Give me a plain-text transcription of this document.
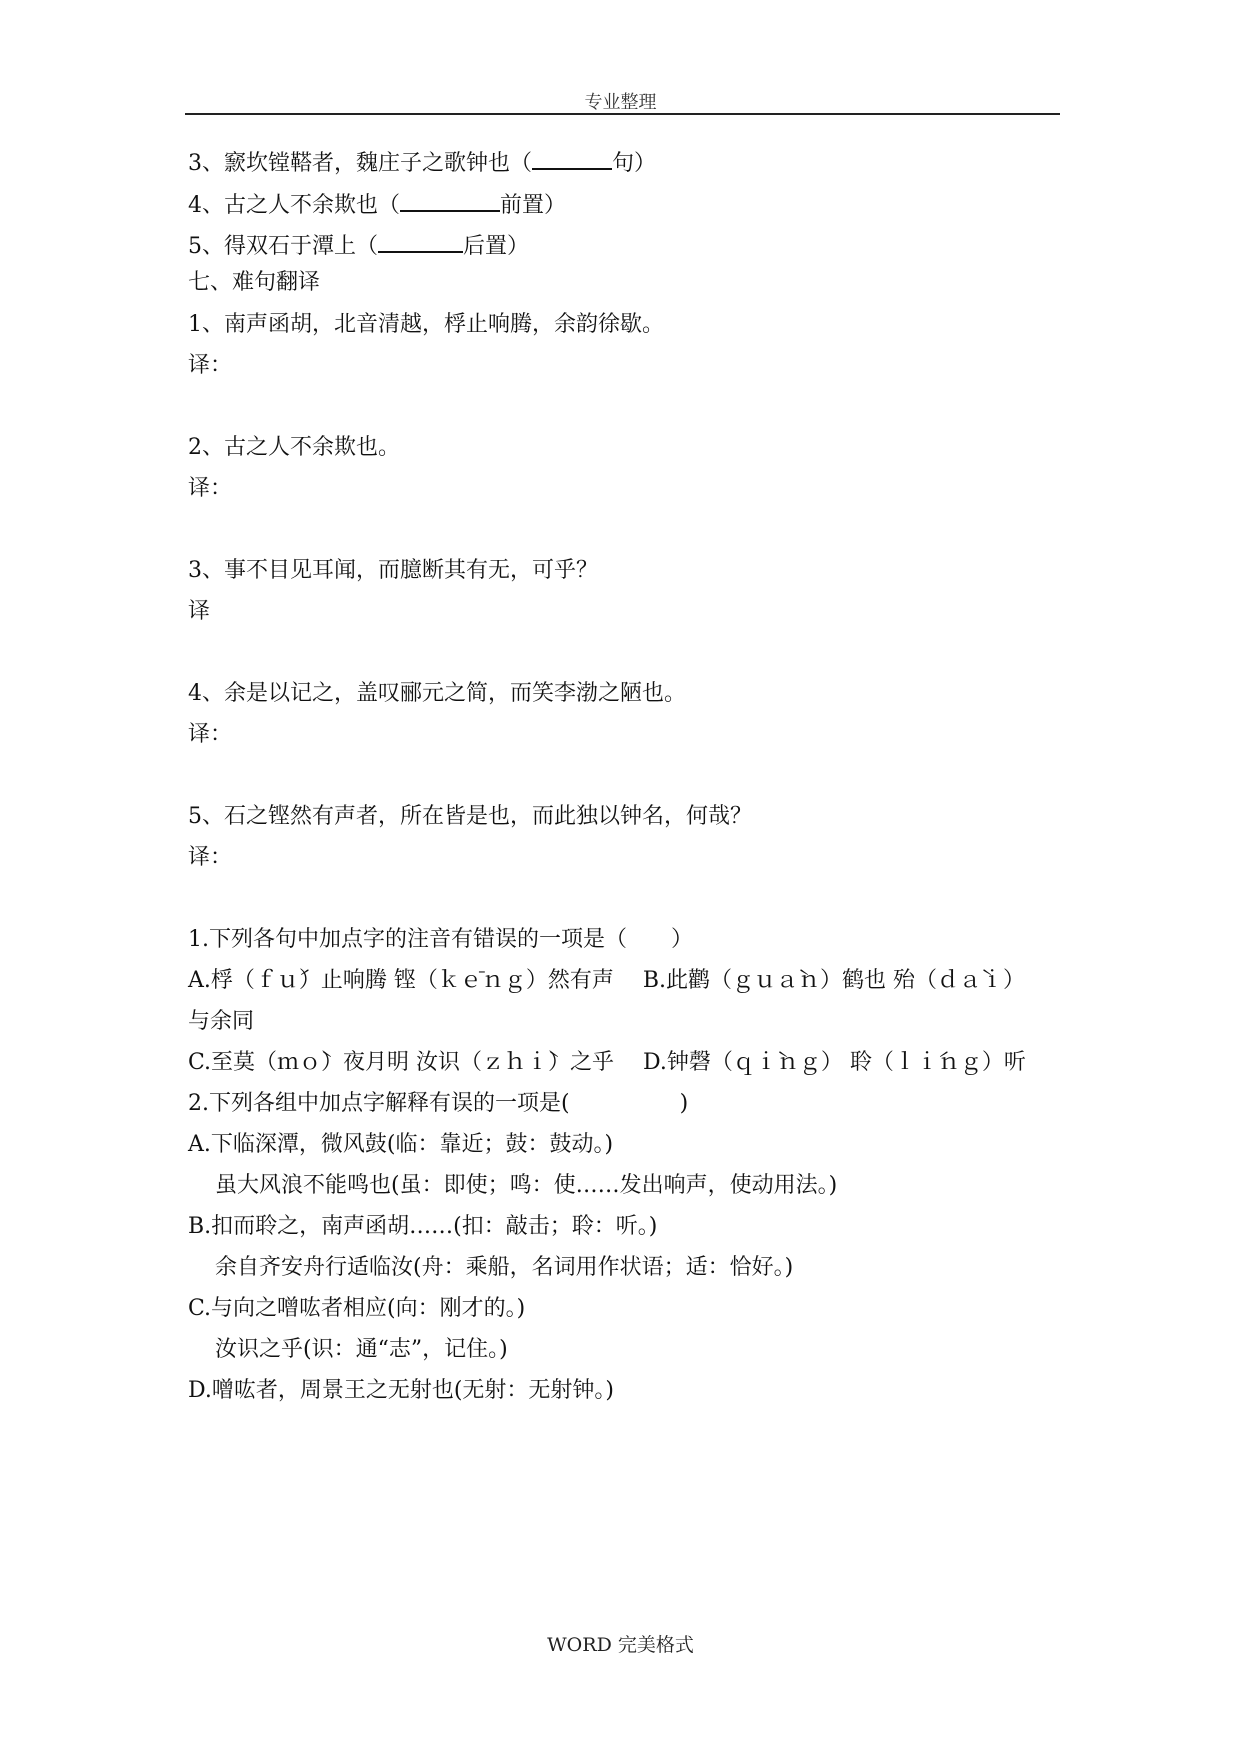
专业整理
3、窾坎镗鞳者，魏庄子之歌钟也（	句）
4、古之人不余欺也（	前置）
5、得双石于潭上（	后置）
七、难句翻译
1、南声函胡，北音清越，桴止响腾，余韵徐歇。
译：
2、古之人不余欺也。
译：
3、事不目见耳闻，而臆断其有无，可乎？
译
4、余是以记之，盖叹郦元之简，而笑李渤之陋也。
译：
5、石之铿然有声者，所在皆是也，而此独以钟名，何哉？
译：
1.下列各句中加点字的注音有错误的一项是（　　）
A.桴（ｆｕ́）止响腾 铿（ｋｅ̄ｎｇ）然有声　 B.此鹳（ｇｕａ̀ｎ）鹤也 殆（ｄａ̀ｉ）
与余同
C.至莫（ｍｏ̀）夜月明 汝识（ｚｈｉ̀）之乎　 D.钟磬（ｑｉ̀ｎｇ） 聆（ｌｉ́ｎｇ）听
2.下列各组中加点字解释有误的一项是(　　　　　)
A.下临深潭，微风鼓(临：靠近；鼓：鼓动。)
虽大风浪不能鸣也(虽：即使；鸣：使……发出响声，使动用法。)
B.扣而聆之，南声函胡……(扣：敲击；聆：听。)
余自齐安舟行适临汝(舟：乘船，名词用作状语；适：恰好。)
C.与向之噌吰者相应(向：刚才的。)
汝识之乎(识：通“志”，记住。)
D.噌吰者，周景王之无射也(无射：无射钟。)
WORD 完美格式
